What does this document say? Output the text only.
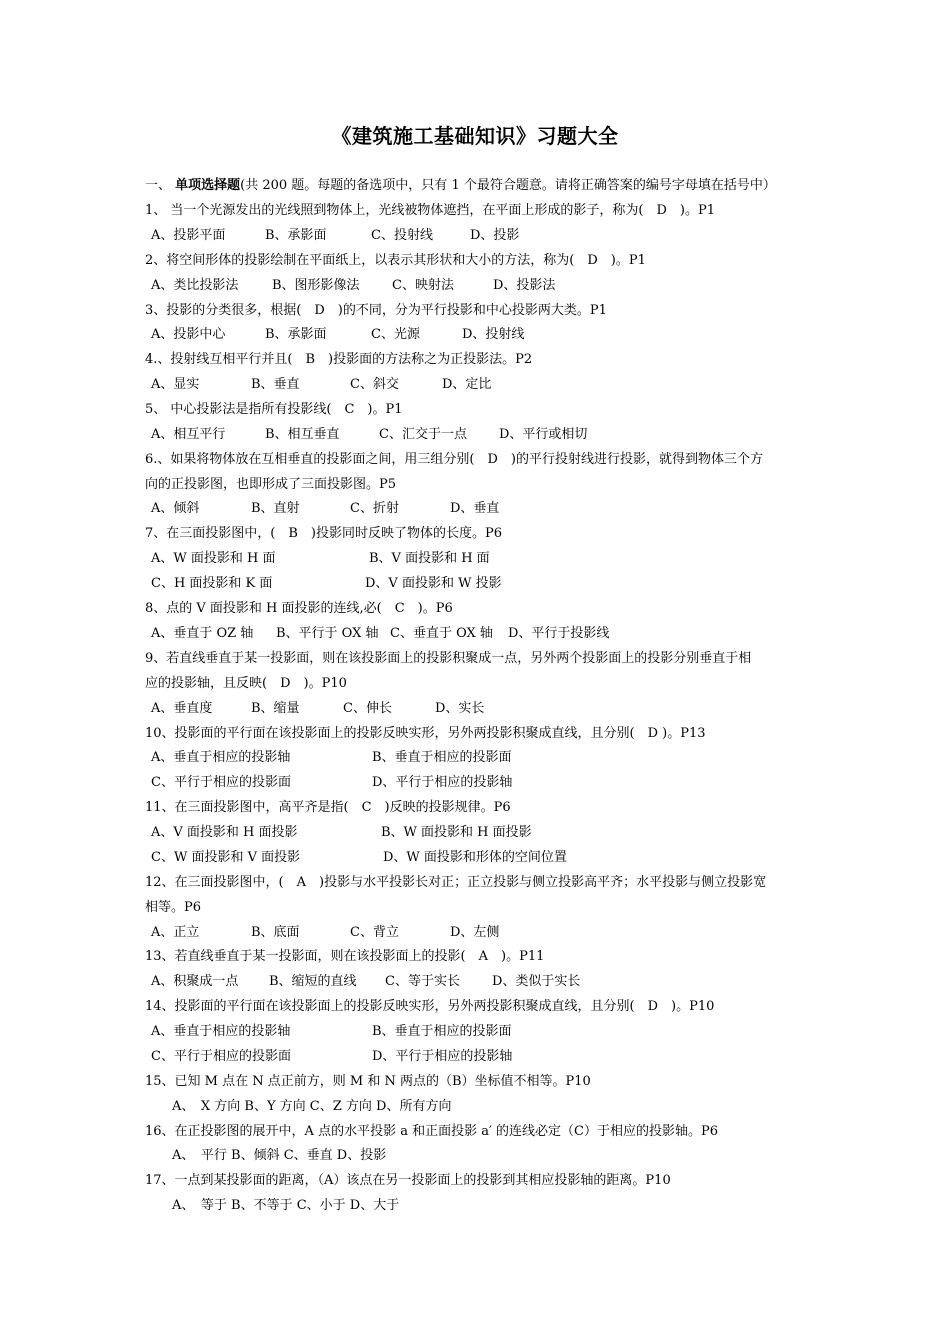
《建筑施工基础知识》习题大全
一、 单项选择题(共 200 题。每题的备选项中，只有 1 个最符合题意。请将正确答案的编号字母填在括号中）
1、 当一个光源发出的光线照到物体上，光线被物体遮挡，在平面上形成的影子，称为(　D　)。P1
A、投影平面	B、承影面	C、投射线	D、投影
2、将空间形体的投影绘制在平面纸上，以表示其形状和大小的方法，称为(　D　)。P1
A、类比投影法	B、图形影像法 C、映射法	D、投影法
3、投影的分类很多，根据(　D　)的不同，分为平行投影和中心投影两大类。P1
A、投影中心	B、承影面	C、光源	D、投射线
4.、投射线互相平行并且(　B　)投影面的方法称之为正投影法。P2
A、显实	B、垂直	C、斜交	D、定比
5、 中心投影法是指所有投影线(　C　)。P1
A、相互平行	B、相互垂直	C、汇交于一点 D、平行或相切
6.、如果将物体放在互相垂直的投影面之间，用三组分别(　D　)的平行投射线进行投影，就得到物体三个方
向的正投影图，也即形成了三面投影图。P5
A、倾斜	B、直射	C、折射	D、垂直
7、在三面投影图中，(　B　)投影同时反映了物体的长度。P6
A、W 面投影和 H 面	B、V 面投影和 H 面
C、H 面投影和 K 面	D、V 面投影和 W 投影
8、点的 V 面投影和 H 面投影的连线,必(　C　)。P6
A、垂直于 OZ 轴 B、平行于 OX 轴 C、垂直于 OX 轴 D、平行于投影线
9、若直线垂直于某一投影面，则在该投影面上的投影积聚成一点，另外两个投影面上的投影分别垂直于相
应的投影轴，且反映(　D　)。P10
A、垂直度	B、缩量	C、伸长	D、实长
10、投影面的平行面在该投影面上的投影反映实形，另外两投影积聚成直线，且分别(　D )。P13
A、垂直于相应的投影轴	B、垂直于相应的投影面
C、平行于相应的投影面	D、平行于相应的投影轴
11、在三面投影图中，高平齐是指(　C　)反映的投影规律。P6
A、V 面投影和 H 面投影	B、W 面投影和 H 面投影
C、W 面投影和 V 面投影	D、W 面投影和形体的空间位置
12、在三面投影图中，(　A　)投影与水平投影长对正；正立投影与侧立投影高平齐；水平投影与侧立投影宽
相等。P6
A、正立	B、底面	C、背立	D、左侧
13、若直线垂直于某一投影面，则在该投影面上的投影(　A　)。P11
A、积聚成一点 B、缩短的直线 C、等于实长 D、类似于实长
14、投影面的平行面在该投影面上的投影反映实形，另外两投影积聚成直线，且分别(　D　)。P10
A、垂直于相应的投影轴	B、垂直于相应的投影面
C、平行于相应的投影面	D、平行于相应的投影轴
15、已知 M 点在 N 点正前方，则 M 和 N 两点的（B）坐标值不相等。P10
A、　X 方向 B、Y 方向 C、Z 方向 D、所有方向
16、在正投影图的展开中，A 点的水平投影 a 和正面投影 a′ 的连线必定（C）于相应的投影轴。P6
A、　平行 B、倾斜 C、垂直 D、投影
17、一点到某投影面的距离，（A）该点在另一投影面上的投影到其相应投影轴的距离。P10
A、　等于 B、不等于 C、小于 D、大于
